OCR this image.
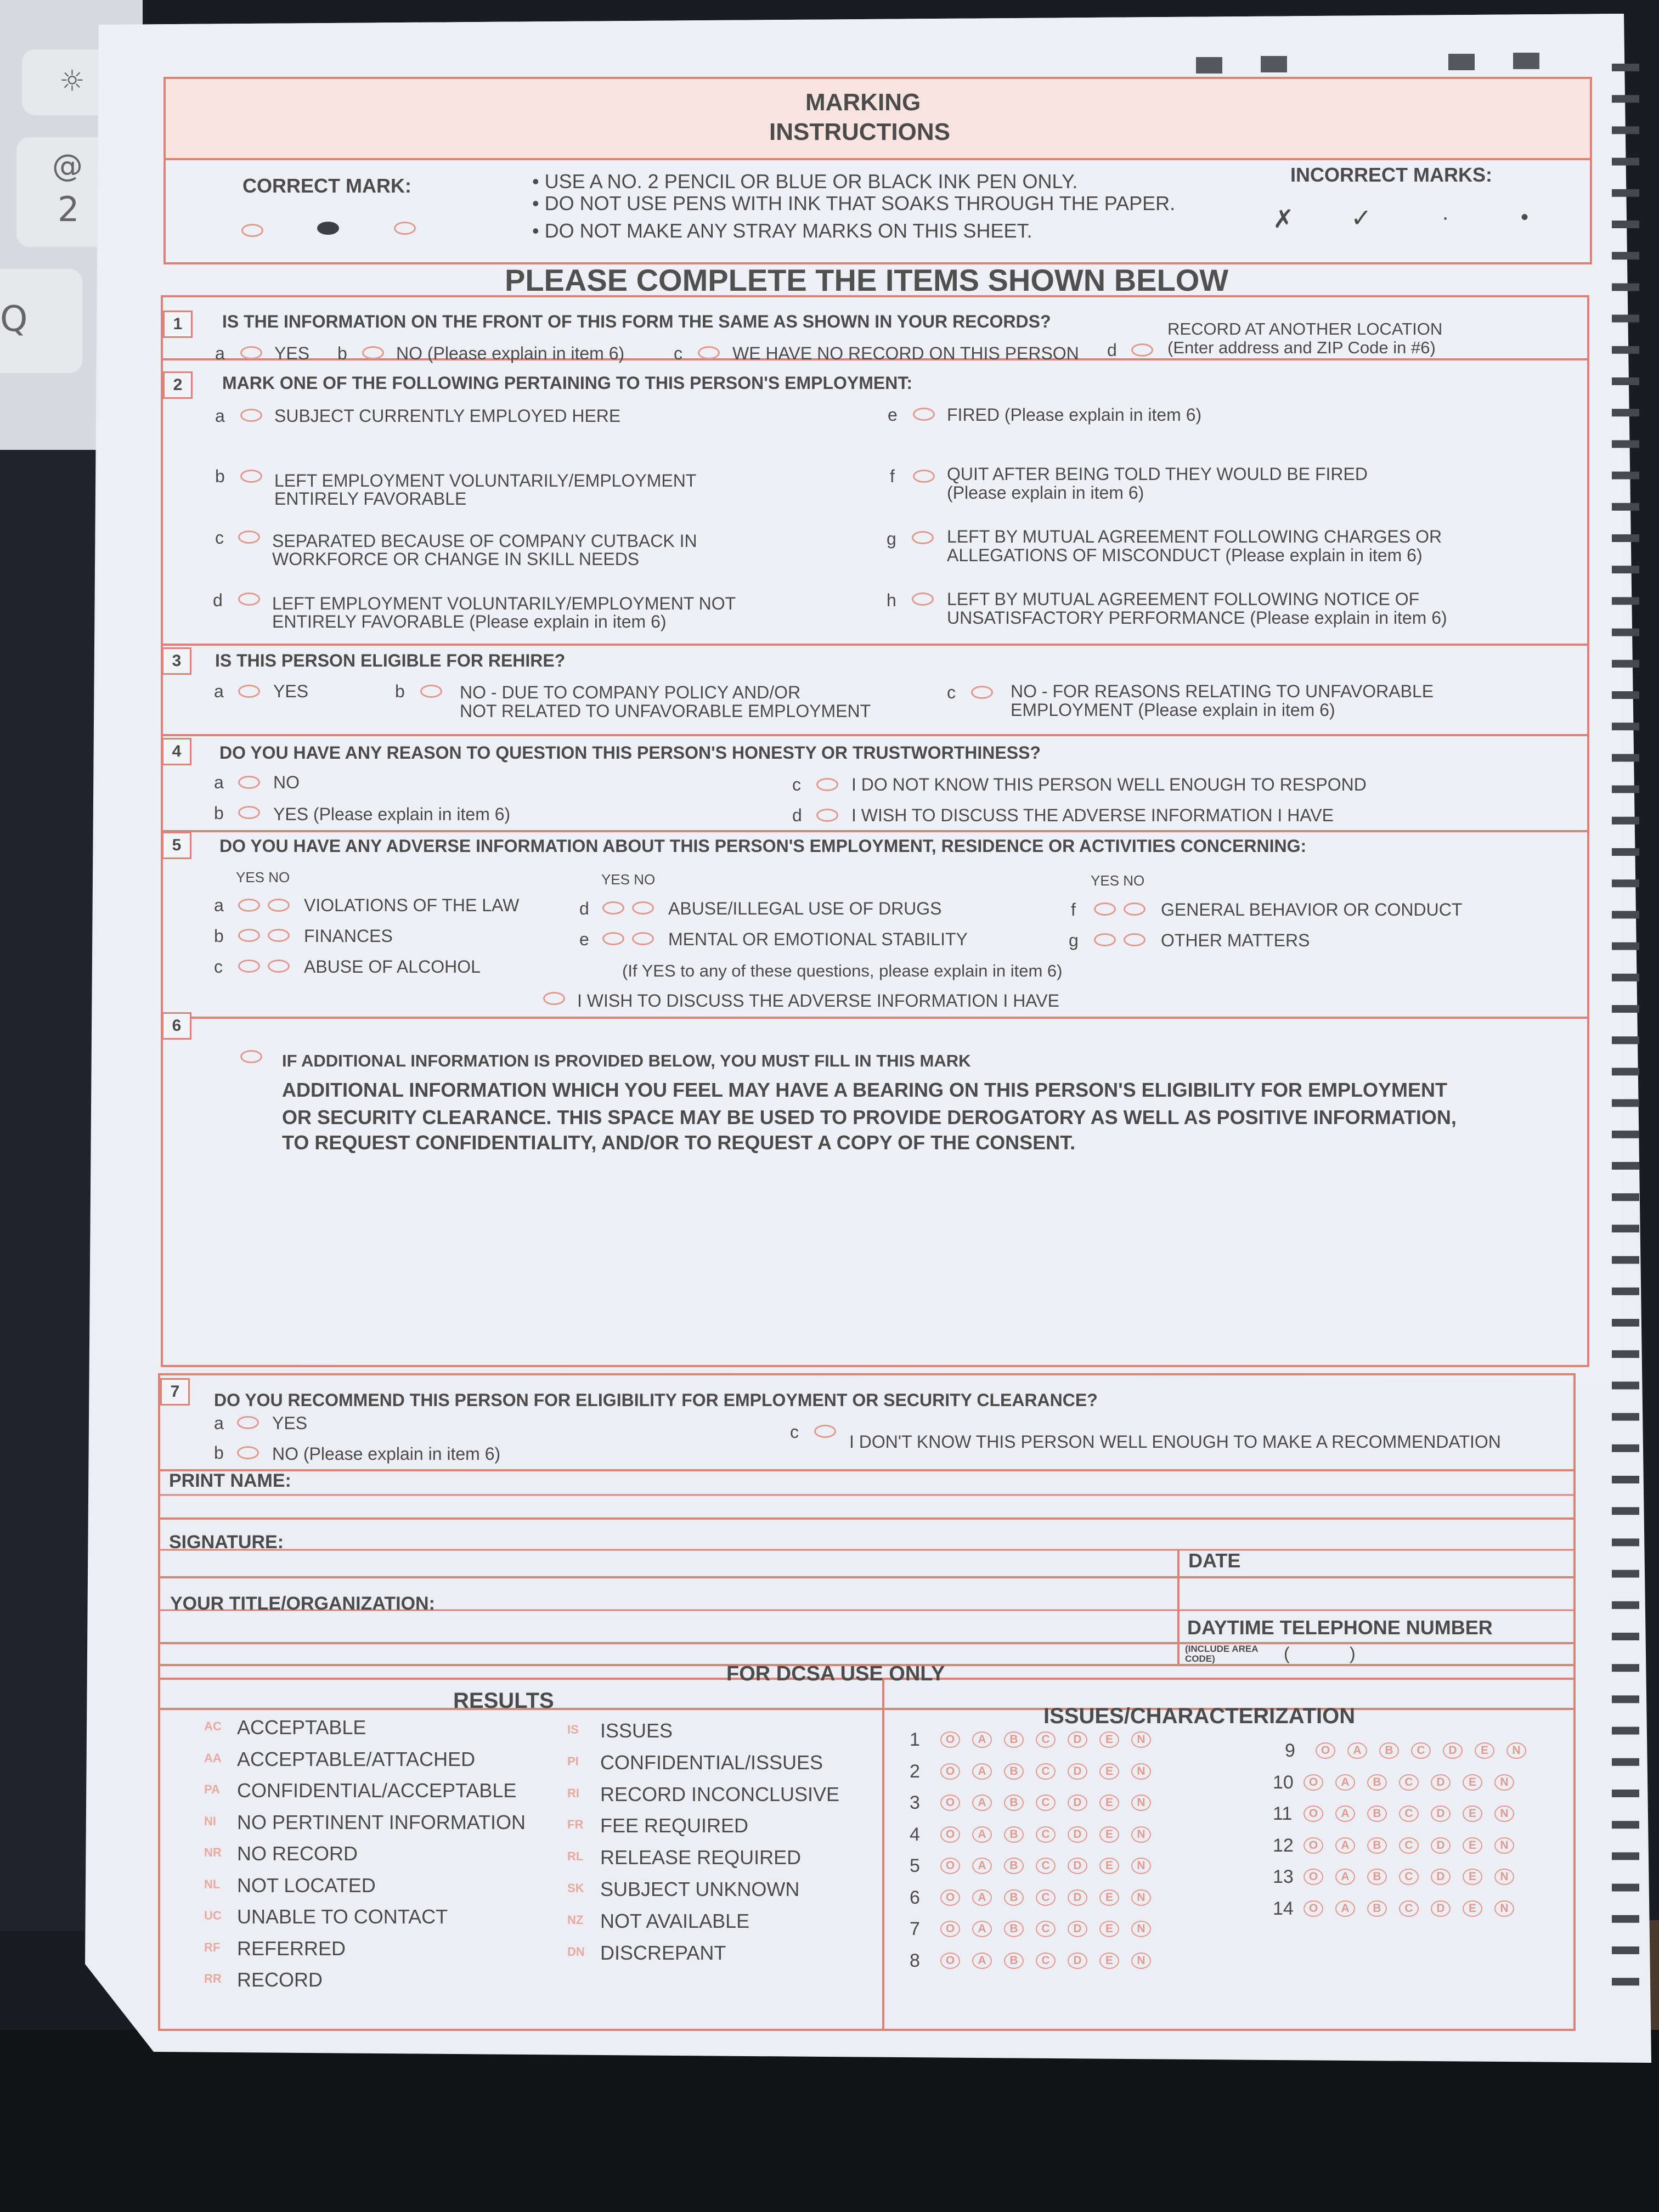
☼
@
2
Q
MARKING
INSTRUCTIONS
CORRECT MARK:	• USE A NO. 2 PENCIL OR BLUE OR BLACK INK PEN ONLY.
• DO NOT USE PENS WITH INK THAT SOAKS THROUGH THE PAPER.
• DO NOT MAKE ANY STRAY MARKS ON THIS SHEET.
INCORRECT MARKS:
✗ ✓	·	•
PLEASE COMPLETE THE ITEMS SHOWN BELOW
1	IS THE INFORMATION ON THE FRONT OF THIS FORM THE SAME AS SHOWN IN YOUR RECORDS?
a	YES b	NO (Please explain in item 6)	c	WE HAVE NO RECORD ON THIS PERSON d
RECORD AT ANOTHER LOCATION
(Enter address and ZIP Code in #6)
2	MARK ONE OF THE FOLLOWING PERTAINING TO THIS PERSON'S EMPLOYMENT:
a	SUBJECT CURRENTLY EMPLOYED HERE
b	LEFT EMPLOYMENT VOLUNTARILY/EMPLOYMENT
ENTIRELY FAVORABLE
c	SEPARATED BECAUSE OF COMPANY CUTBACK IN
WORKFORCE OR CHANGE IN SKILL NEEDS
d	LEFT EMPLOYMENT VOLUNTARILY/EMPLOYMENT NOT
ENTIRELY FAVORABLE (Please explain in item 6)
e	FIRED (Please explain in item 6)
f	QUIT AFTER BEING TOLD THEY WOULD BE FIRED
(Please explain in item 6)
g	LEFT BY MUTUAL AGREEMENT FOLLOWING CHARGES OR
ALLEGATIONS OF MISCONDUCT (Please explain in item 6)
h	LEFT BY MUTUAL AGREEMENT FOLLOWING NOTICE OF
UNSATISFACTORY PERFORMANCE (Please explain in item 6)
3	IS THIS PERSON ELIGIBLE FOR REHIRE?
a	YES	b	NO - DUE TO COMPANY POLICY AND/OR
NOT RELATED TO UNFAVORABLE EMPLOYMENT
c	NO - FOR REASONS RELATING TO UNFAVORABLE
EMPLOYMENT (Please explain in item 6)
4	DO YOU HAVE ANY REASON TO QUESTION THIS PERSON'S HONESTY OR TRUSTWORTHINESS?
a	NO
b	YES (Please explain in item 6)
c	I DO NOT KNOW THIS PERSON WELL ENOUGH TO RESPOND
d	I WISH TO DISCUSS THE ADVERSE INFORMATION I HAVE
5	DO YOU HAVE ANY ADVERSE INFORMATION ABOUT THIS PERSON'S EMPLOYMENT, RESIDENCE OR ACTIVITIES CONCERNING:
YES NO	YES NO	YES NO
a	VIOLATIONS OF THE LAW
b	FINANCES
c	ABUSE OF ALCOHOL
d	ABUSE/ILLEGAL USE OF DRUGS
e	MENTAL OR EMOTIONAL STABILITY
(If YES to any of these questions, please explain in item 6)
f	GENERAL BEHAVIOR OR CONDUCT
g	OTHER MATTERS
I WISH TO DISCUSS THE ADVERSE INFORMATION I HAVE
6
IF ADDITIONAL INFORMATION IS PROVIDED BELOW, YOU MUST FILL IN THIS MARK
ADDITIONAL INFORMATION WHICH YOU FEEL MAY HAVE A BEARING ON THIS PERSON'S ELIGIBILITY FOR EMPLOYMENT
OR SECURITY CLEARANCE. THIS SPACE MAY BE USED TO PROVIDE DEROGATORY AS WELL AS POSITIVE INFORMATION,
TO REQUEST CONFIDENTIALITY, AND/OR TO REQUEST A COPY OF THE CONSENT.
7	DO YOU RECOMMEND THIS PERSON FOR ELIGIBILITY FOR EMPLOYMENT OR SECURITY CLEARANCE?
a	YES
b	NO (Please explain in item 6)
c	I DON'T KNOW THIS PERSON WELL ENOUGH TO MAKE A RECOMMENDATION
PRINT NAME:
SIGNATURE:
DATE
YOUR TITLE/ORGANIZATION:
DAYTIME TELEPHONE NUMBER
(INCLUDE AREA
CODE)	(	)
FOR DCSA USE ONLY
RESULTS
ISSUES/CHARACTERIZATION
AC ACCEPTABLE
AA ACCEPTABLE/ATTACHED
PA CONFIDENTIAL/ACCEPTABLE
NI NO PERTINENT INFORMATION
NR NO RECORD
NL NOT LOCATED
UC UNABLE TO CONTACT
RF REFERRED
RR RECORD
IS ISSUES
PI CONFIDENTIAL/ISSUES
RI RECORD INCONCLUSIVE
FR FEE REQUIRED
RL RELEASE REQUIRED
SK SUBJECT UNKNOWN
NZ NOT AVAILABLE
DN DISCREPANT
1	O	A	B	C	D	E	N
2	O	A	B	C	D	E	N
3	O	A	B	C	D	E	N
4	O	A	B	C	D	E	N
5	O	A	B	C	D	E	N
6	O	A	B	C	D	E	N
7	O	A	B	C	D	E	N
8	O	A	B	C	D	E	N
9	O	A	B	C	D	E	N
10	O	A	B	C	D	E	N
11	O	A	B	C	D	E	N
12	O	A	B	C	D	E	N
13	O	A	B	C	D	E	N
14	O	A	B	C	D	E	N
